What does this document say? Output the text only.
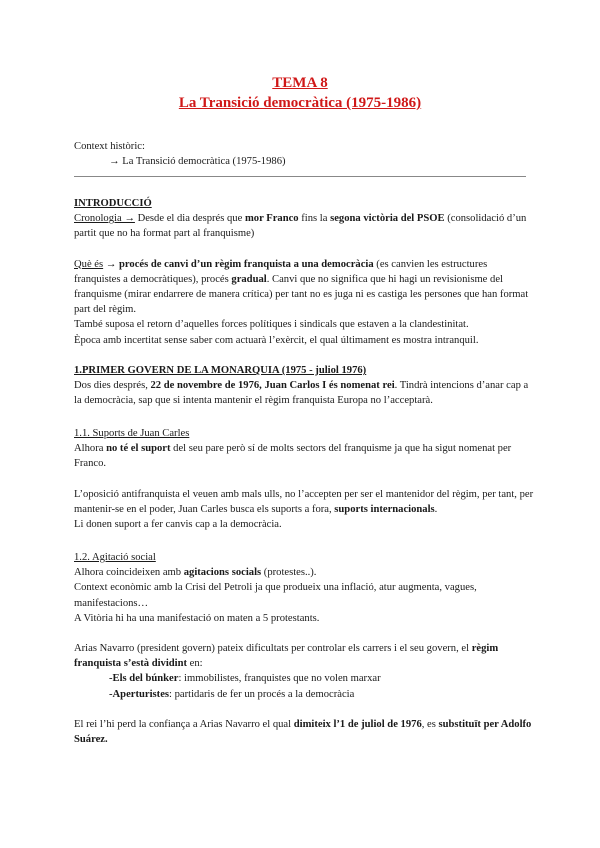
TEMA 8
La Transició democràtica (1975-1986)

Context històric:

→ La Transició democràtica (1975-1986)

INTRODUCCIÓ

Cronologia → Desde el dia després que mor Franco fins la segona victòria del PSOE (consolidació d’un partit que no ha format part al franquisme)

Què és → procés de canvi d’un règim franquista a una democràcia (es canvien les estructures franquistes a democràtiques), procés gradual. Canvi que no significa que hi hagi un revisionisme del franquisme (mirar endarrere de manera crítica) per tant no es juga ni es castiga les persones que han format part del règim.

També suposa el retorn d’aquelles forces polítiques i sindicals que estaven a la clandestinitat.

Època amb incertitat sense saber com actuarà l’exèrcit, el qual últimament es mostra intranquil.

1.PRIMER GOVERN DE LA MONARQUIA (1975 - juliol 1976)

Dos dies després, 22 de novembre de 1976, Juan Carlos I és nomenat rei. Tindrà intencions d’anar cap a la democràcia, sap que si intenta mantenir el règim franquista Europa no l’acceptarà.

1.1. Suports de Juan Carles

Alhora no té el suport del seu pare però sí de molts sectors del franquisme ja que ha sigut nomenat per Franco.

L’oposició antifranquista el veuen amb mals ulls, no l’accepten per ser el mantenidor del règim, per tant, per mantenir-se en el poder, Juan Carles busca els suports a fora, suports internacionals.

Li donen suport a fer canvis cap a la democràcia.

1.2. Agitació social

Alhora coincideixen amb agitacions socials (protestes..).

Context econòmic amb la Crisi del Petroli ja que produeix una inflació, atur augmenta, vagues, manifestacions…

A Vitòria hi ha una manifestació on maten a 5 protestants.

Arias Navarro (president govern) pateix dificultats per controlar els carrers i el seu govern, el règim franquista s’està dividint en:

-Els del búnker: immobilistes, franquistes que no volen marxar

-Aperturistes: partidaris de fer un procés a la democràcia

El rei l’hi perd la confiança a Arias Navarro el qual dimiteix l’1 de juliol de 1976, es substituït per Adolfo Suárez.
